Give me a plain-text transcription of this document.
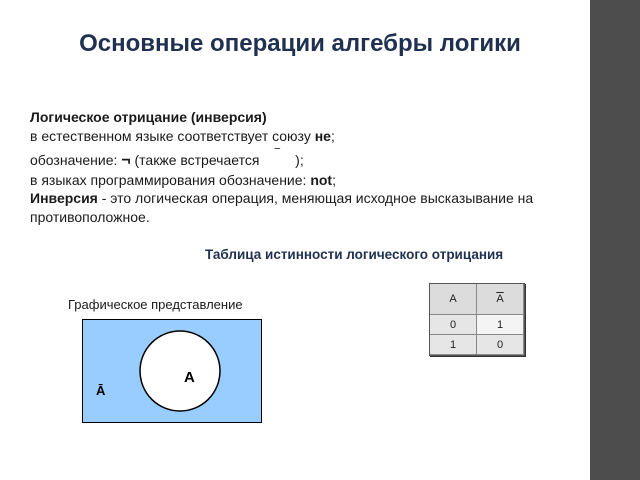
Основные операции алгебры логики
Логическое отрицание (инверсия)
в естественном языке соответствует союзу не;
обозначение: ¬ (также встречается ‾ );
в языках программирования обозначение: not;
Инверсия - это логическая операция, меняющая исходное высказывание на
противоположное.
Таблица истинности логического отрицания
А	А
0	1
1	0
Графическое представление
А
Ā
